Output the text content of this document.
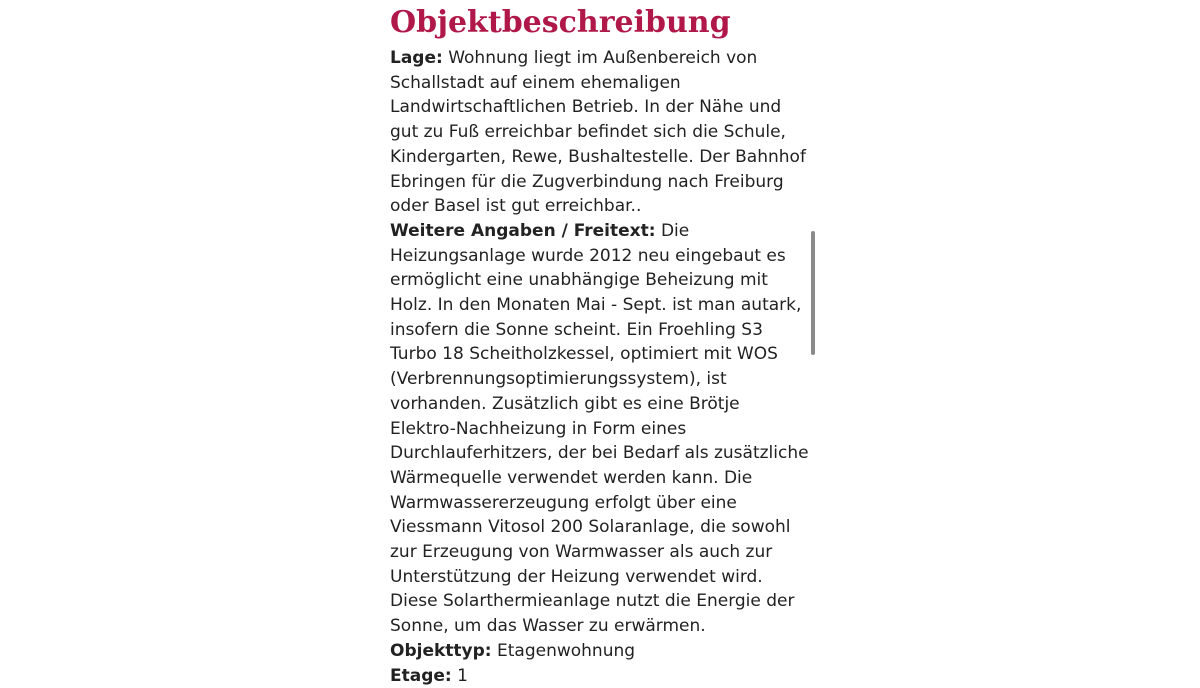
Objektbeschreibung

Lage: Wohnung liegt im Außenbereich von Schallstadt auf einem ehemaligen Landwirtschaftlichen Betrieb. In der Nähe und gut zu Fuß erreichbar befindet sich die Schule, Kindergarten, Rewe, Bushaltestelle. Der Bahnhof Ebringen für die Zugverbindung nach Freiburg oder Basel ist gut erreichbar..

Weitere Angaben / Freitext: Die Heizungsanlage wurde 2012 neu eingebaut es ermöglicht eine unabhängige Beheizung mit Holz. In den Monaten Mai - Sept. ist man autark, insofern die Sonne scheint. Ein Froehling S3 Turbo 18 Scheitholzkessel, optimiert mit WOS (Verbrennungsoptimierungssystem), ist vorhanden. Zusätzlich gibt es eine Brötje Elektro-Nachheizung in Form eines Durchlauferhitzers, der bei Bedarf als zusätzliche Wärmequelle verwendet werden kann. Die Warmwassererzeugung erfolgt über eine Viessmann Vitosol 200 Solaranlage, die sowohl zur Erzeugung von Warmwasser als auch zur Unterstützung der Heizung verwendet wird. Diese Solarthermieanlage nutzt die Energie der Sonne, um das Wasser zu erwärmen.

Objekttyp: Etagenwohnung

Etage: 1
